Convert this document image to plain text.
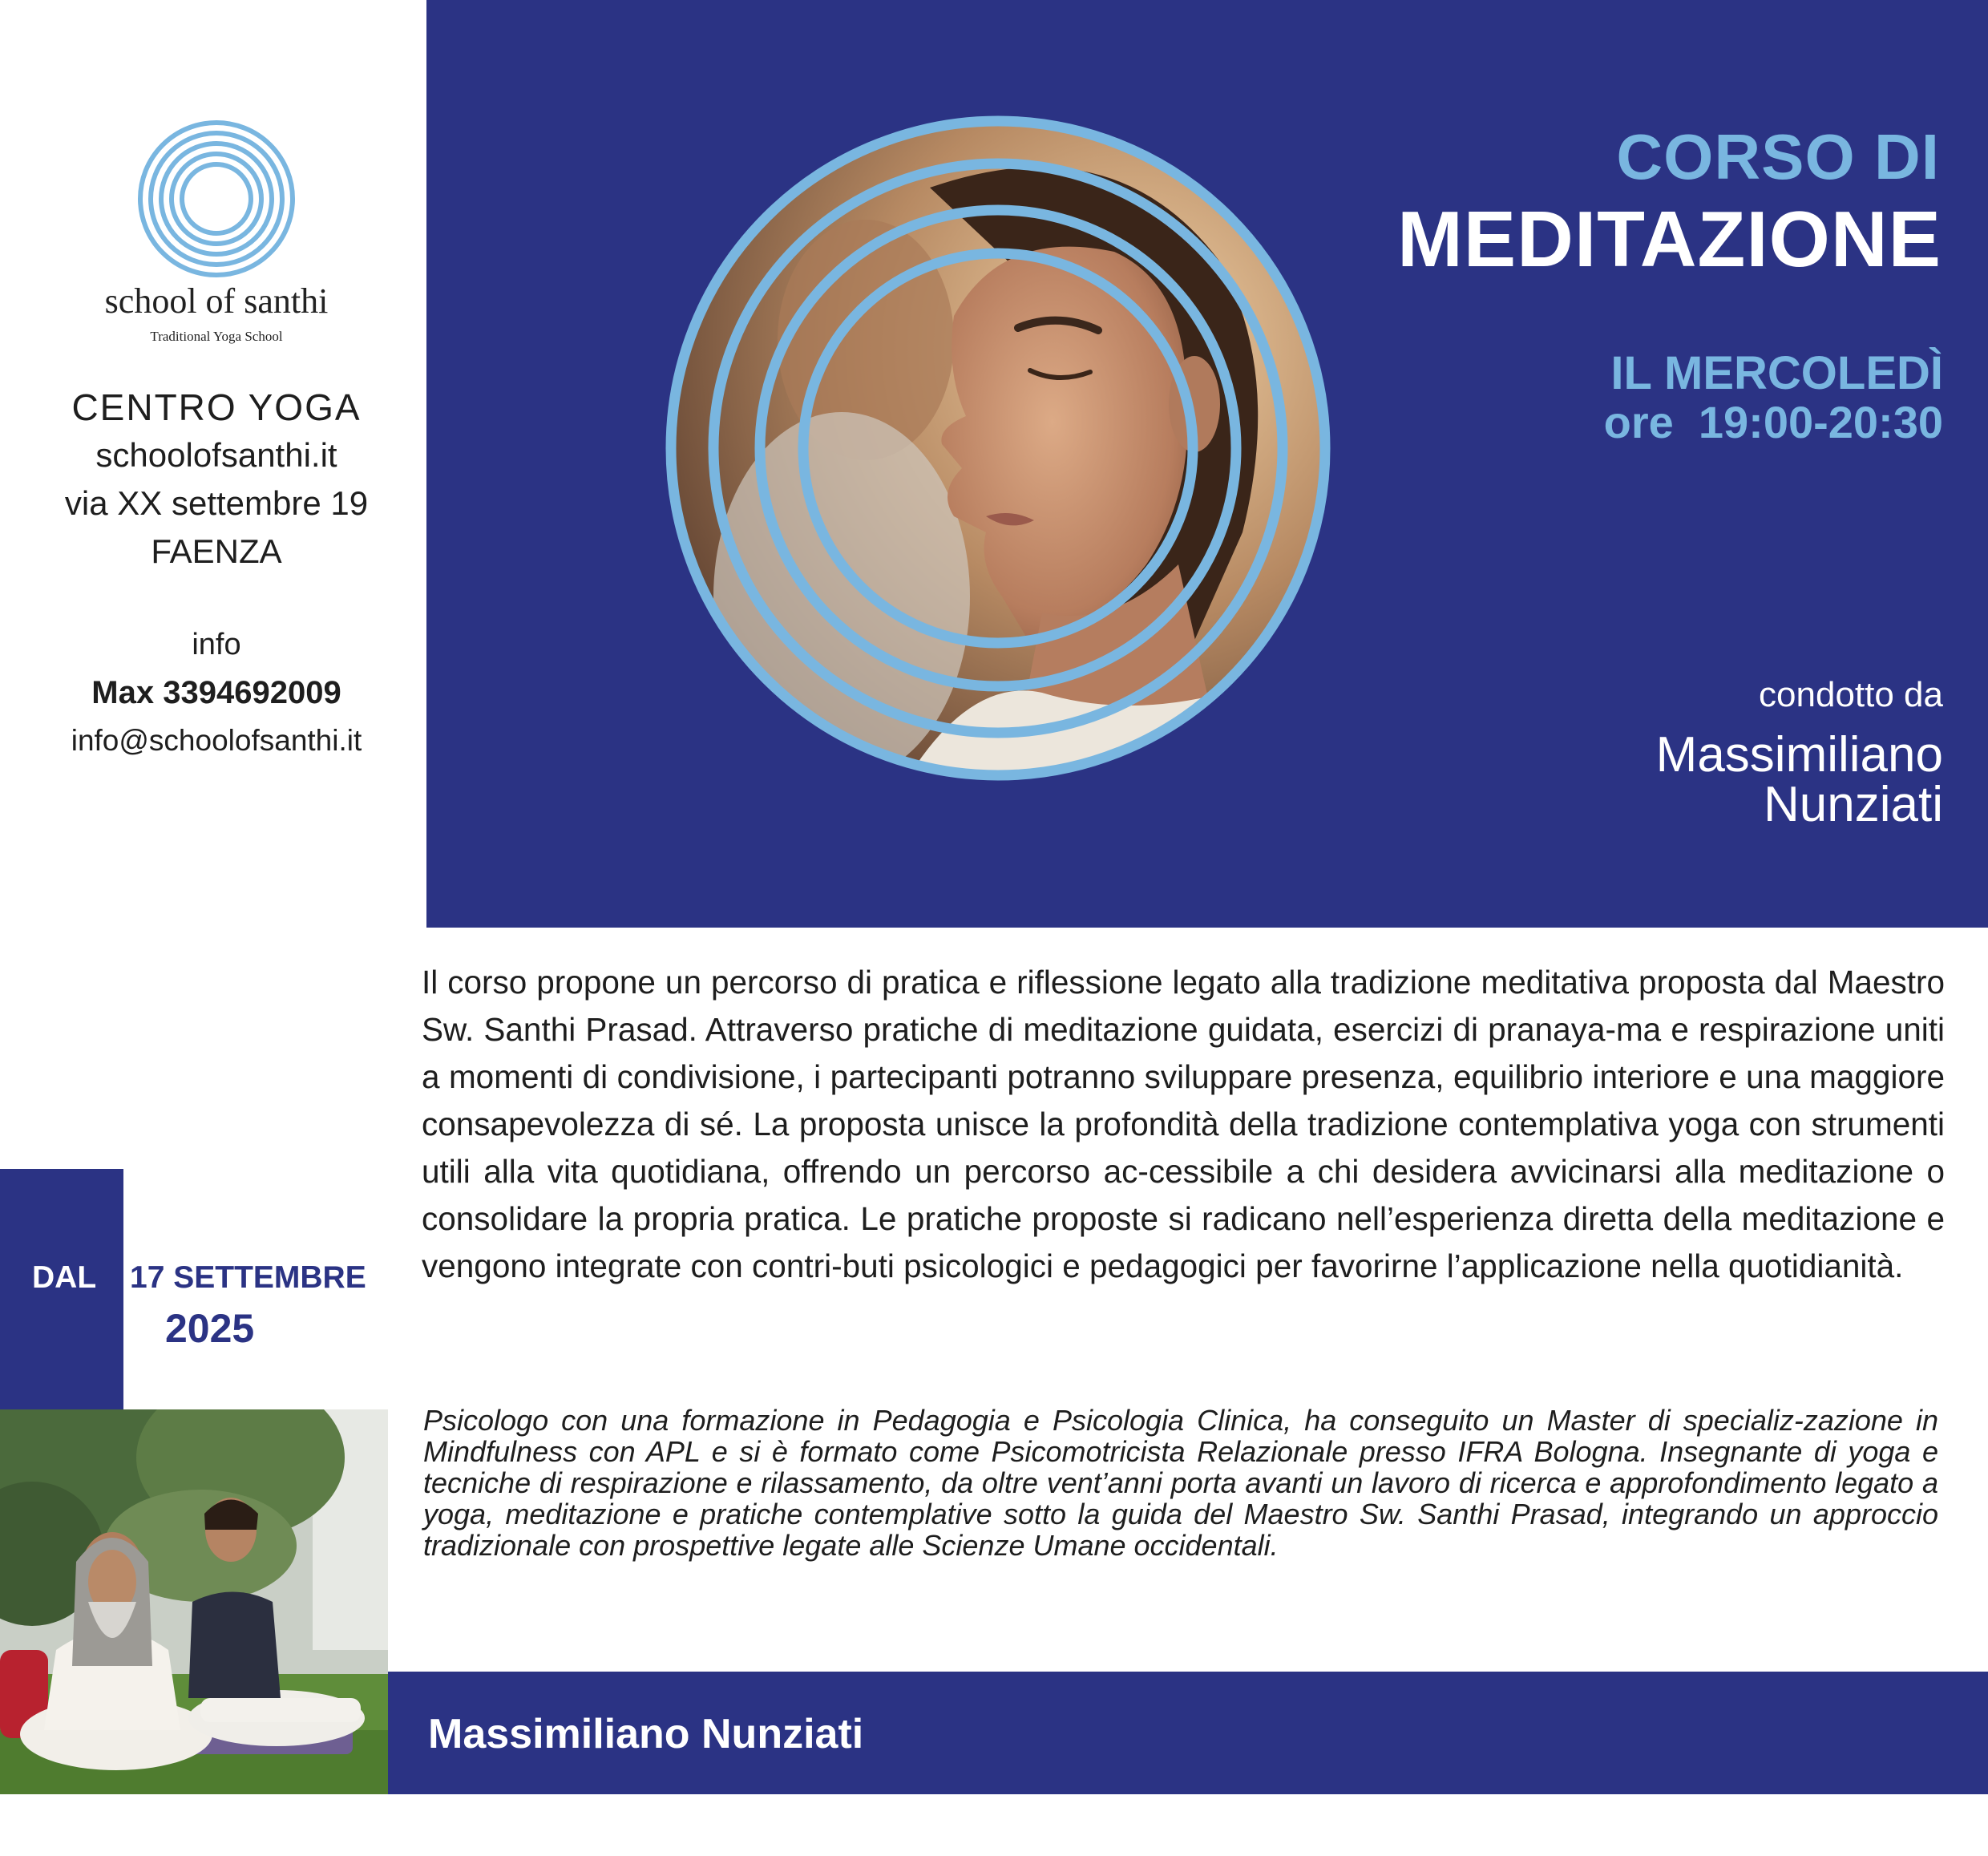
school of santhi
Traditional Yoga School
CENTRO YOGA
schoolofsanthi.it
via XX settembre 19
FAENZA
info
Max 3394692009
info@schoolofsanthi.it
DAL	17 SETTEMBRE
2025
CORSO DI
MEDITAZIONE
IL MERCOLEDÌ
ore  19:00-20:30
condotto da
Massimiliano
Nunziati
Il corso propone un percorso di pratica e riflessione legato alla tradizione meditativa proposta dal Maestro Sw. Santhi Prasad. Attraverso pratiche di meditazione guidata, esercizi di pranaya-ma e respirazione uniti a momenti di condivisione, i partecipanti potranno sviluppare presenza, equilibrio interiore e una maggiore consapevolezza di sé. La proposta unisce la profondità della tradizione contemplativa yoga con strumenti utili alla vita quotidiana, offrendo un percorso ac-cessibile a chi desidera avvicinarsi alla meditazione o consolidare la propria pratica. Le pratiche proposte si radicano nell’esperienza diretta della meditazione e vengono integrate con contri-buti psicologici e pedagogici per favorirne l’applicazione nella quotidianità.
Psicologo con una formazione in Pedagogia e Psicologia Clinica, ha conseguito un Master di specializ-zazione in Mindfulness con APL e si è formato come Psicomotricista Relazionale presso IFRA Bologna. Insegnante di yoga e tecniche di respirazione e rilassamento, da oltre vent’anni porta avanti un lavoro di ricerca e approfondimento legato a yoga, meditazione e pratiche contemplative sotto la guida del Maestro Sw. Santhi Prasad, integrando un approccio tradizionale con prospettive legate alle Scienze Umane occidentali.
Massimiliano Nunziati
